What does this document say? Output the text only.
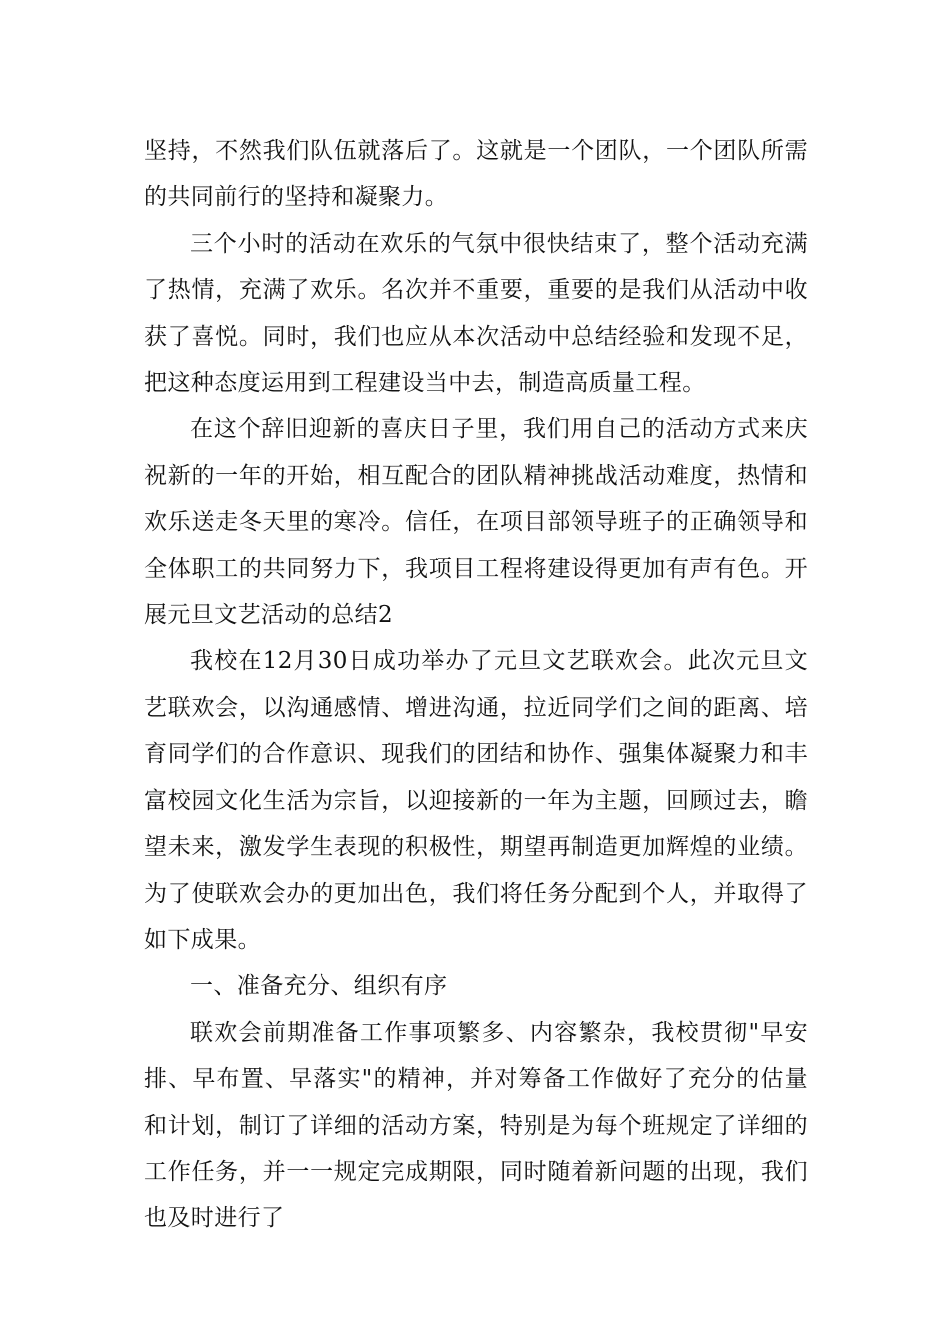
坚持，不然我们队伍就落后了。这就是一个团队，一个团队所需的共同前行的坚持和凝聚力。

三个小时的活动在欢乐的气氛中很快结束了，整个活动充满了热情，充满了欢乐。名次并不重要，重要的是我们从活动中收获了喜悦。同时，我们也应从本次活动中总结经验和发现不足，把这种态度运用到工程建设当中去，制造高质量工程。

在这个辞旧迎新的喜庆日子里，我们用自己的活动方式来庆祝新的一年的开始，相互配合的团队精神挑战活动难度，热情和欢乐送走冬天里的寒冷。信任，在项目部领导班子的正确领导和全体职工的共同努力下，我项目工程将建设得更加有声有色。开展元旦文艺活动的总结2

我校在12月30日成功举办了元旦文艺联欢会。此次元旦文艺联欢会，以沟通感情、增进沟通，拉近同学们之间的距离、培育同学们的合作意识、现我们的团结和协作、强集体凝聚力和丰富校园文化生活为宗旨，以迎接新的一年为主题，回顾过去，瞻望未来，激发学生表现的积极性，期望再制造更加辉煌的业绩。为了使联欢会办的更加出色，我们将任务分配到个人，并取得了如下成果。

一、准备充分、组织有序

联欢会前期准备工作事项繁多、内容繁杂，我校贯彻"早安排、早布置、早落实"的精神，并对筹备工作做好了充分的估量和计划，制订了详细的活动方案，特别是为每个班规定了详细的工作任务，并一一规定完成期限，同时随着新问题的出现，我们也及时进行了
